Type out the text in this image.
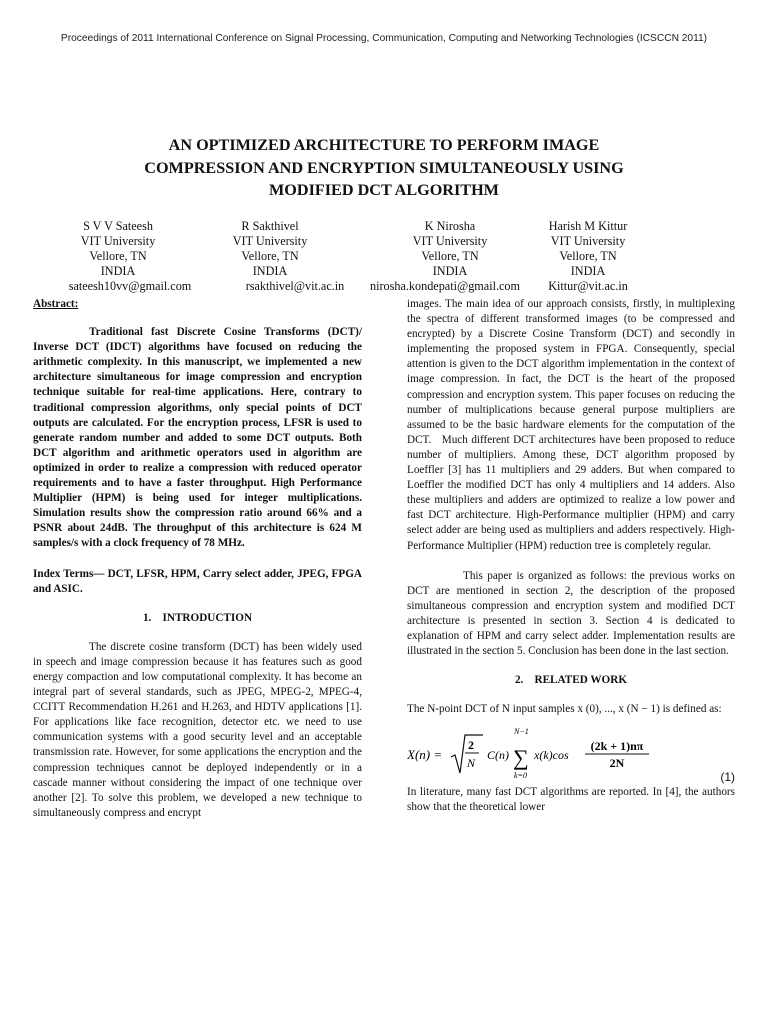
Proceedings of 2011 International Conference on Signal Processing, Communication, Computing and Networking Technologies (ICSCCN 2011)
AN OPTIMIZED ARCHITECTURE TO PERFORM IMAGE
COMPRESSION AND ENCRYPTION SIMULTANEOUSLY USING
MODIFIED DCT ALGORITHM
S V V Sateesh
VIT University
Vellore, TN
INDIA
sateesh10vv@gmail.com
R Sakthivel
VIT University
Vellore, TN
INDIA
rsakthivel@vit.ac.in
K Nirosha
VIT University
Vellore, TN
INDIA
nirosha.kondepati@gmail.com
Harish M Kittur
VIT University
Vellore, TN
INDIA
Kittur@vit.ac.in

Abstract:

Traditional fast Discrete Cosine Transforms (DCT)/ Inverse DCT (IDCT) algorithms have focused on reducing the arithmetic complexity. In this manuscript, we implemented a new architecture simultaneous for image compression and encryption technique suitable for real-time applications. Here, contrary to traditional compression algorithms, only special points of DCT outputs are calculated. For the encryption process, LFSR is used to generate random number and added to some DCT outputs. Both DCT algorithm and arithmetic operators used in algorithm are optimized in order to realize a compression with reduced operator requirements and to have a faster throughput. High Performance Multiplier (HPM) is being used for integer multiplications. Simulation results show the compression ratio around 66% and a PSNR about 24dB. The throughput of this architecture is 624 M samples/s with a clock frequency of 78 MHz.

Index Terms— DCT, LFSR, HPM, Carry select adder, JPEG, FPGA and ASIC.

1.    INTRODUCTION

The discrete cosine transform (DCT) has been widely used in speech and image compression because it has features such as good energy compaction and low computational complexity. It has become an integral part of several standards, such as JPEG, MPEG-2, MPEG-4, CCITT Recommendation H.261 and H.263, and HDTV applications [1]. For applications like face recognition, detector etc. we need to use communication systems with a good security level and an acceptable transmission rate. However, for some applications the encryption and the compression techniques cannot be deployed independently or in a cascade manner without considering the impact of one technique over another [2]. To solve this problem, we developed a new technique to simultaneously compress and encrypt

images. The main idea of our approach consists, firstly, in multiplexing the spectra of different transformed images (to be compressed and encrypted) by a Discrete Cosine Transform (DCT) and secondly in implementing the proposed system in FPGA. Consequently, special attention is given to the DCT algorithm implementation in the context of image compression. In fact, the DCT is the heart of the proposed compression and encryption system. This paper focuses on reducing the number of multiplications because general purpose multipliers are assumed to be the basic hardware elements for the computation of the DCT.   Much different DCT architectures have been proposed to reduce number of multipliers. Among these, DCT algorithm proposed by Loeffler [3] has 11 multipliers and 29 adders. But when compared to Loeffler the modified DCT has only 4 multipliers and 14 adders. Also these multipliers and adders are optimized to realize a low power and fast DCT architecture. High-Performance multiplier (HPM) and carry select adder are being used as multipliers and adders respectively. High-Performance Multiplier (HPM) reduction tree is completely regular.

This paper is organized as follows: the previous works on DCT are mentioned in section 2, the description of the proposed simultaneous compression and encryption system and modified DCT architecture is presented in section 3. Section 4 is dedicated to explanation of HPM and carry select adder. Implementation results are illustrated in the section 5. Conclusion has been done in the last section.

2.    RELATED WORK

The N-point DCT of N input samples x (0), ..., x (N − 1) is defined as:

X(n) =
2
N
C(n)
N−1
∑
k=0
x(k)cos
(2k + 1)nπ
2N
(1)

In literature, many fast DCT algorithms are reported. In [4], the authors show that the theoretical lower
